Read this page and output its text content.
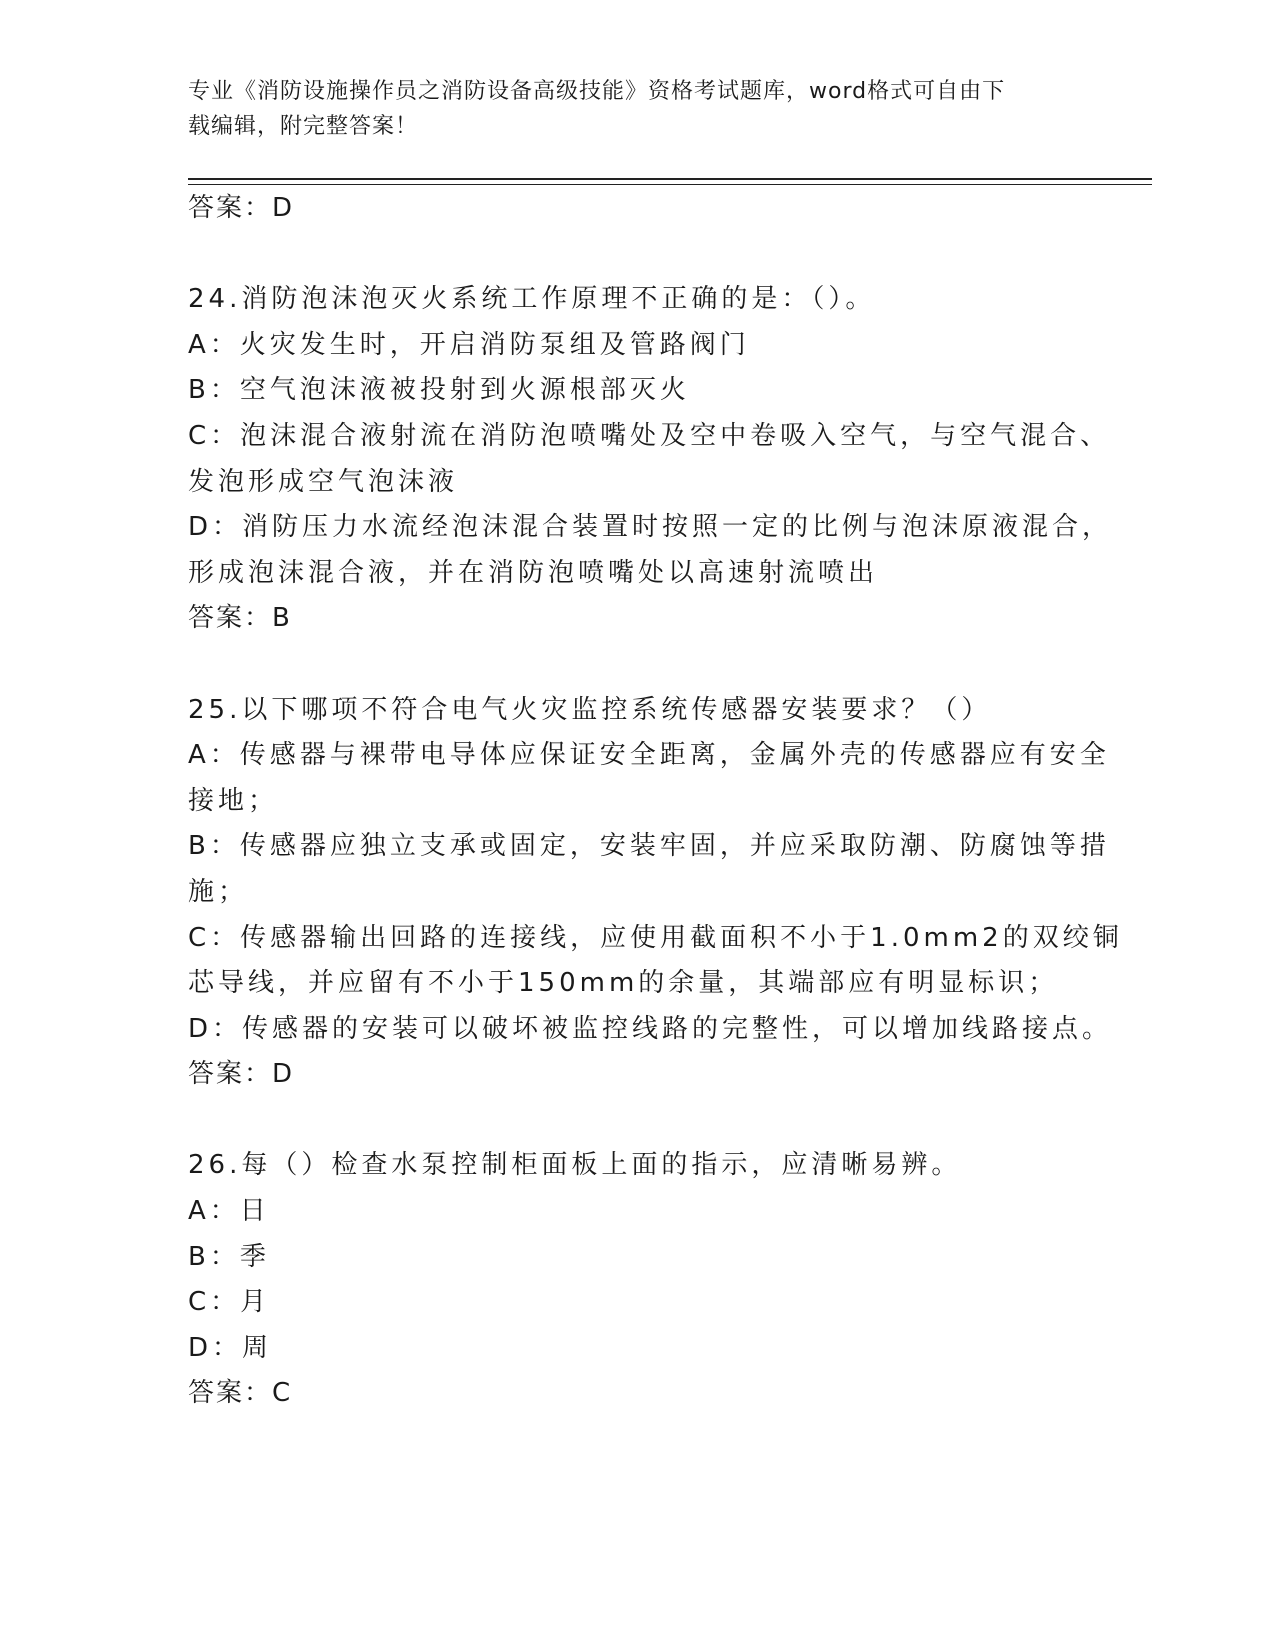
专业《消防设施操作员之消防设备高级技能》资格考试题库，word格式可自由下
载编辑，附完整答案！
答案：D
24.消防泡沫泡灭火系统工作原理不正确的是：（）。
A：火灾发生时，开启消防泵组及管路阀门
B：空气泡沫液被投射到火源根部灭火
C：泡沫混合液射流在消防泡喷嘴处及空中卷吸入空气，与空气混合、
发泡形成空气泡沫液
D：消防压力水流经泡沫混合装置时按照一定的比例与泡沫原液混合，
形成泡沫混合液，并在消防泡喷嘴处以高速射流喷出
答案：B
25.以下哪项不符合电气火灾监控系统传感器安装要求？（）
A：传感器与裸带电导体应保证安全距离，金属外壳的传感器应有安全
接地；
B：传感器应独立支承或固定，安装牢固，并应采取防潮、防腐蚀等措
施；
C：传感器输出回路的连接线，应使用截面积不小于1.0mm2的双绞铜
芯导线，并应留有不小于150mm的余量，其端部应有明显标识；
D：传感器的安装可以破坏被监控线路的完整性，可以增加线路接点。
答案：D
26.每（）检查水泵控制柜面板上面的指示，应清晰易辨。
A：日
B：季
C：月
D：周
答案：C
